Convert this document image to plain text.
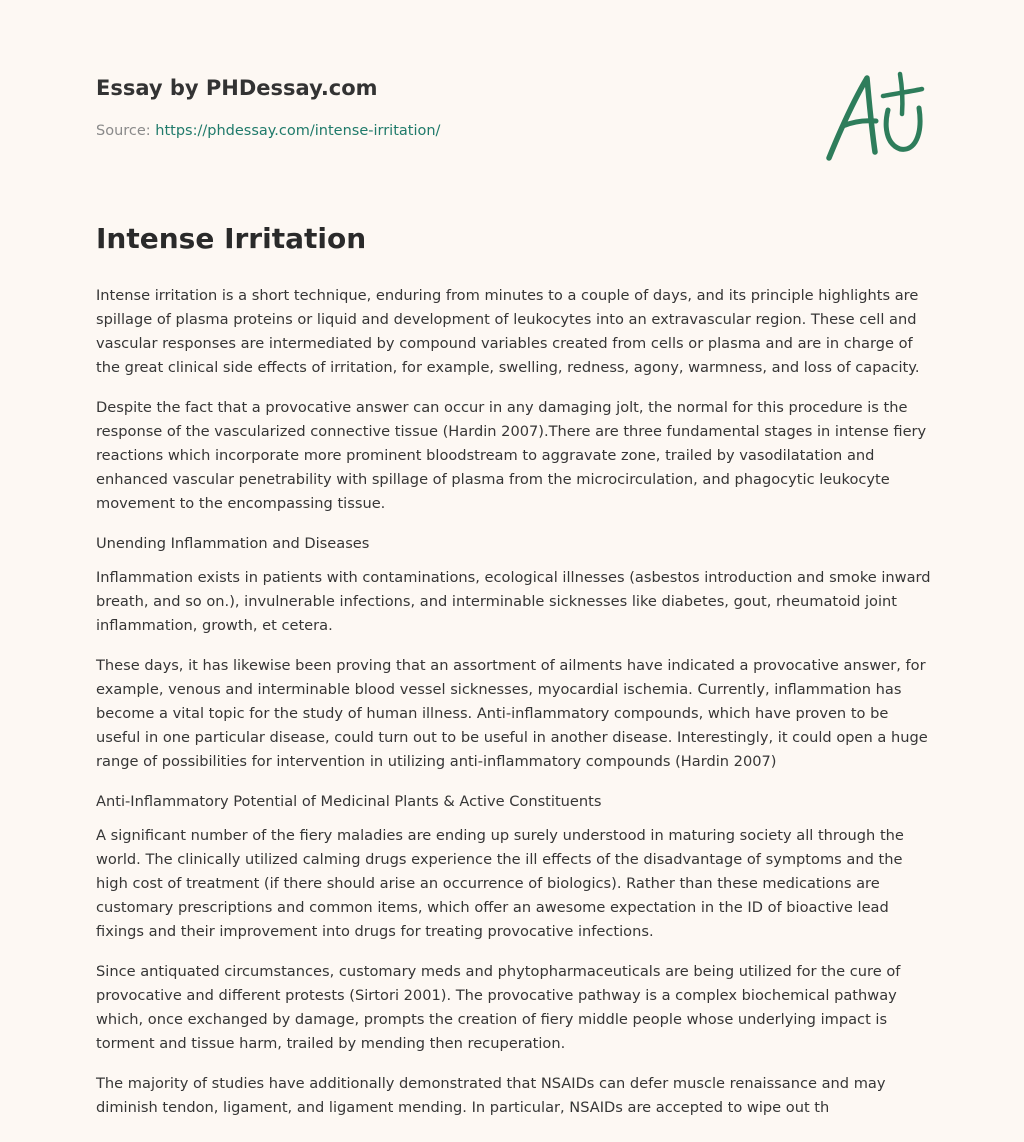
Essay by PHDessay.com
Source: https://phdessay.com/intense-irritation/
Intense Irritation

Intense irritation is a short technique, enduring from minutes to a couple of days, and its principle highlights are spillage of plasma proteins or liquid and development of leukocytes into an extravascular region. These cell and vascular responses are intermediated by compound variables created from cells or plasma and are in charge of the great clinical side effects of irritation, for example, swelling, redness, agony, warmness, and loss of capacity.

Despite the fact that a provocative answer can occur in any damaging jolt, the normal for this procedure is the response of the vascularized connective tissue (Hardin 2007).There are three fundamental stages in intense fiery reactions which incorporate more prominent bloodstream to aggravate zone, trailed by vasodilatation and enhanced vascular penetrability with spillage of plasma from the microcirculation, and phagocytic leukocyte movement to the encompassing tissue.

Unending Inflammation and Diseases

Inflammation exists in patients with contaminations, ecological illnesses (asbestos introduction and smoke inward breath, and so on.), invulnerable infections, and interminable sicknesses like diabetes, gout, rheumatoid joint inflammation, growth, et cetera.

These days, it has likewise been proving that an assortment of ailments have indicated a provocative answer, for example, venous and interminable blood vessel sicknesses, myocardial ischemia. Currently, inflammation has become a vital topic for the study of human illness. Anti-inflammatory compounds, which have proven to be useful in one particular disease, could turn out to be useful in another disease. Interestingly, it could open a huge range of possibilities for intervention in utilizing anti-inflammatory compounds (Hardin 2007)

Anti-Inflammatory Potential of Medicinal Plants & Active Constituents

A significant number of the fiery maladies are ending up surely understood in maturing society all through the world. The clinically utilized calming drugs experience the ill effects of the disadvantage of symptoms and the high cost of treatment (if there should arise an occurrence of biologics). Rather than these medications are customary prescriptions and common items, which offer an awesome expectation in the ID of bioactive lead fixings and their improvement into drugs for treating provocative infections.

Since antiquated circumstances, customary meds and phytopharmaceuticals are being utilized for the cure of provocative and different protests (Sirtori 2001). The provocative pathway is a complex biochemical pathway which, once exchanged by damage, prompts the creation of fiery middle people whose underlying impact is torment and tissue harm, trailed by mending then recuperation.

The majority of studies have additionally demonstrated that NSAIDs can defer muscle renaissance and may diminish tendon, ligament, and ligament mending. In particular, NSAIDs are accepted to wipe out th
